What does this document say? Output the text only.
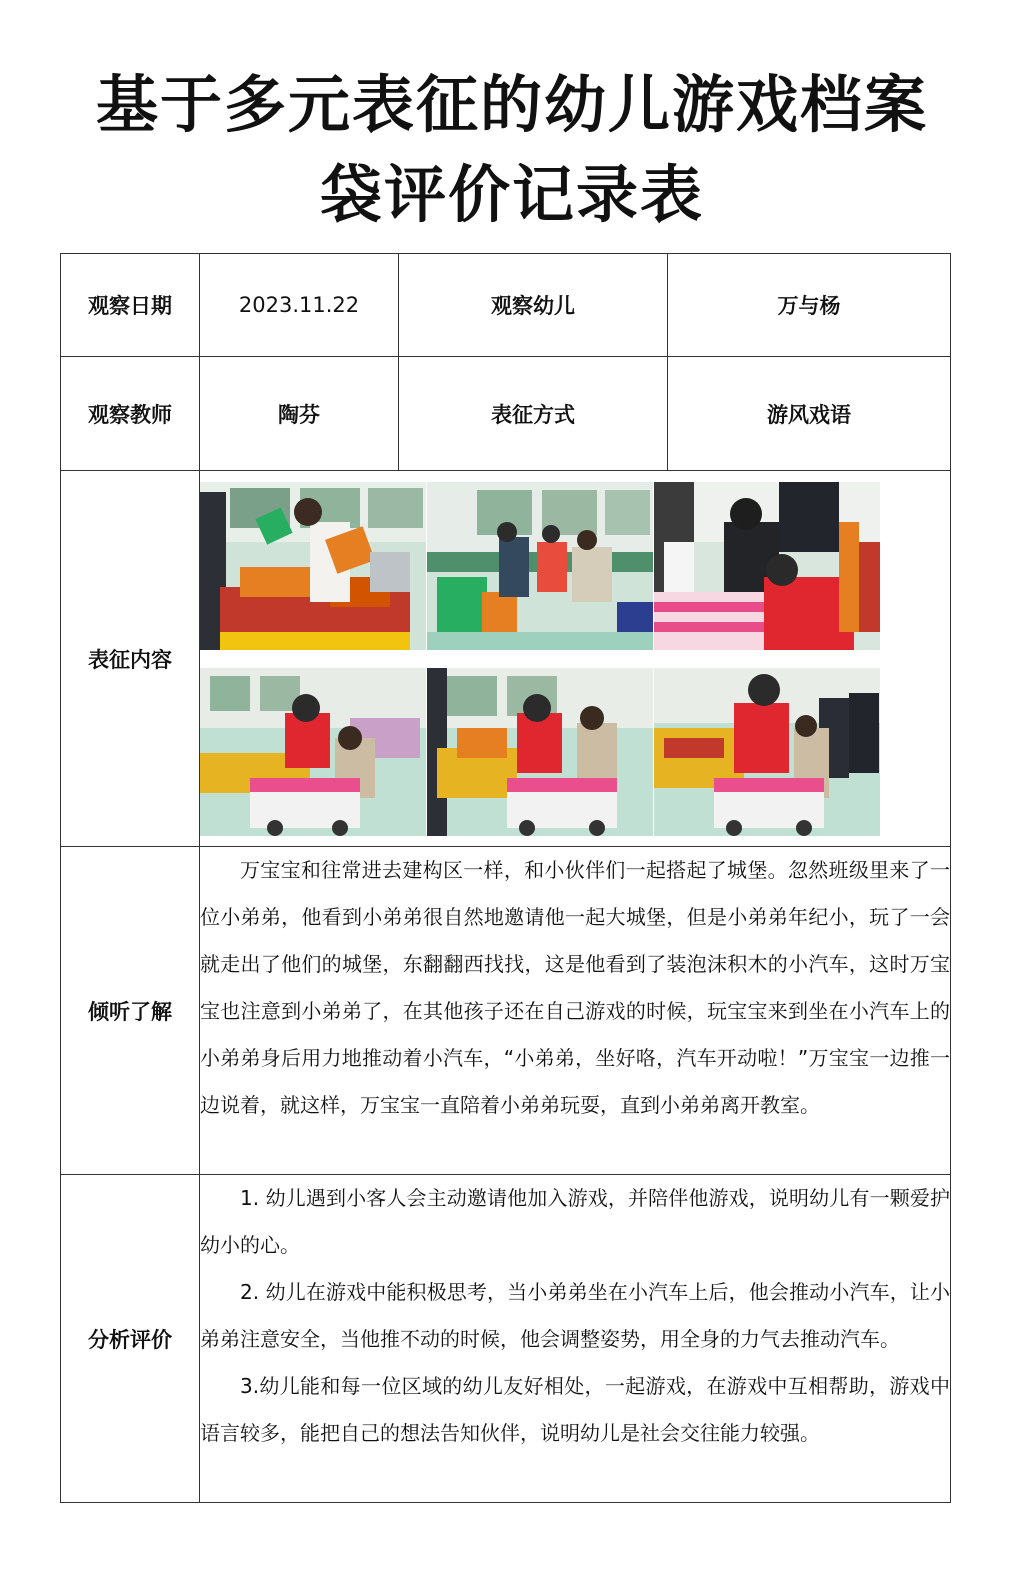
基于多元表征的幼儿游戏档案
袋评价记录表
观察日期	2023.11.22	观察幼儿	万与杨
观察教师	陶芬	表征方式	游风戏语
表征内容	

倾听了解	万宝宝和往常进去建构区一样，和小伙伴们一起搭起了城堡。忽然班级里来了一位小弟弟，他看到小弟弟很自然地邀请他一起大城堡，但是小弟弟年纪小，玩了一会就走出了他们的城堡，东翻翻西找找，这是他看到了装泡沫积木的小汽车，这时万宝宝也注意到小弟弟了，在其他孩子还在自己游戏的时候，玩宝宝来到坐在小汽车上的小弟弟身后用力地推动着小汽车，“小弟弟，坐好咯，汽车开动啦！”万宝宝一边推一边说着，就这样，万宝宝一直陪着小弟弟玩耍，直到小弟弟离开教室。		

分析评价	1. 幼儿遇到小客人会主动邀请他加入游戏，并陪伴他游戏，说明幼儿有一颗爱护幼小的心。

2. 幼儿在游戏中能积极思考，当小弟弟坐在小汽车上后，他会推动小汽车，让小弟弟注意安全，当他推不动的时候，他会调整姿势，用全身的力气去推动汽车。

3.幼儿能和每一位区域的幼儿友好相处，一起游戏，在游戏中互相帮助，游戏中语言较多，能把自己的想法告知伙伴，说明幼儿是社会交往能力较强。		
